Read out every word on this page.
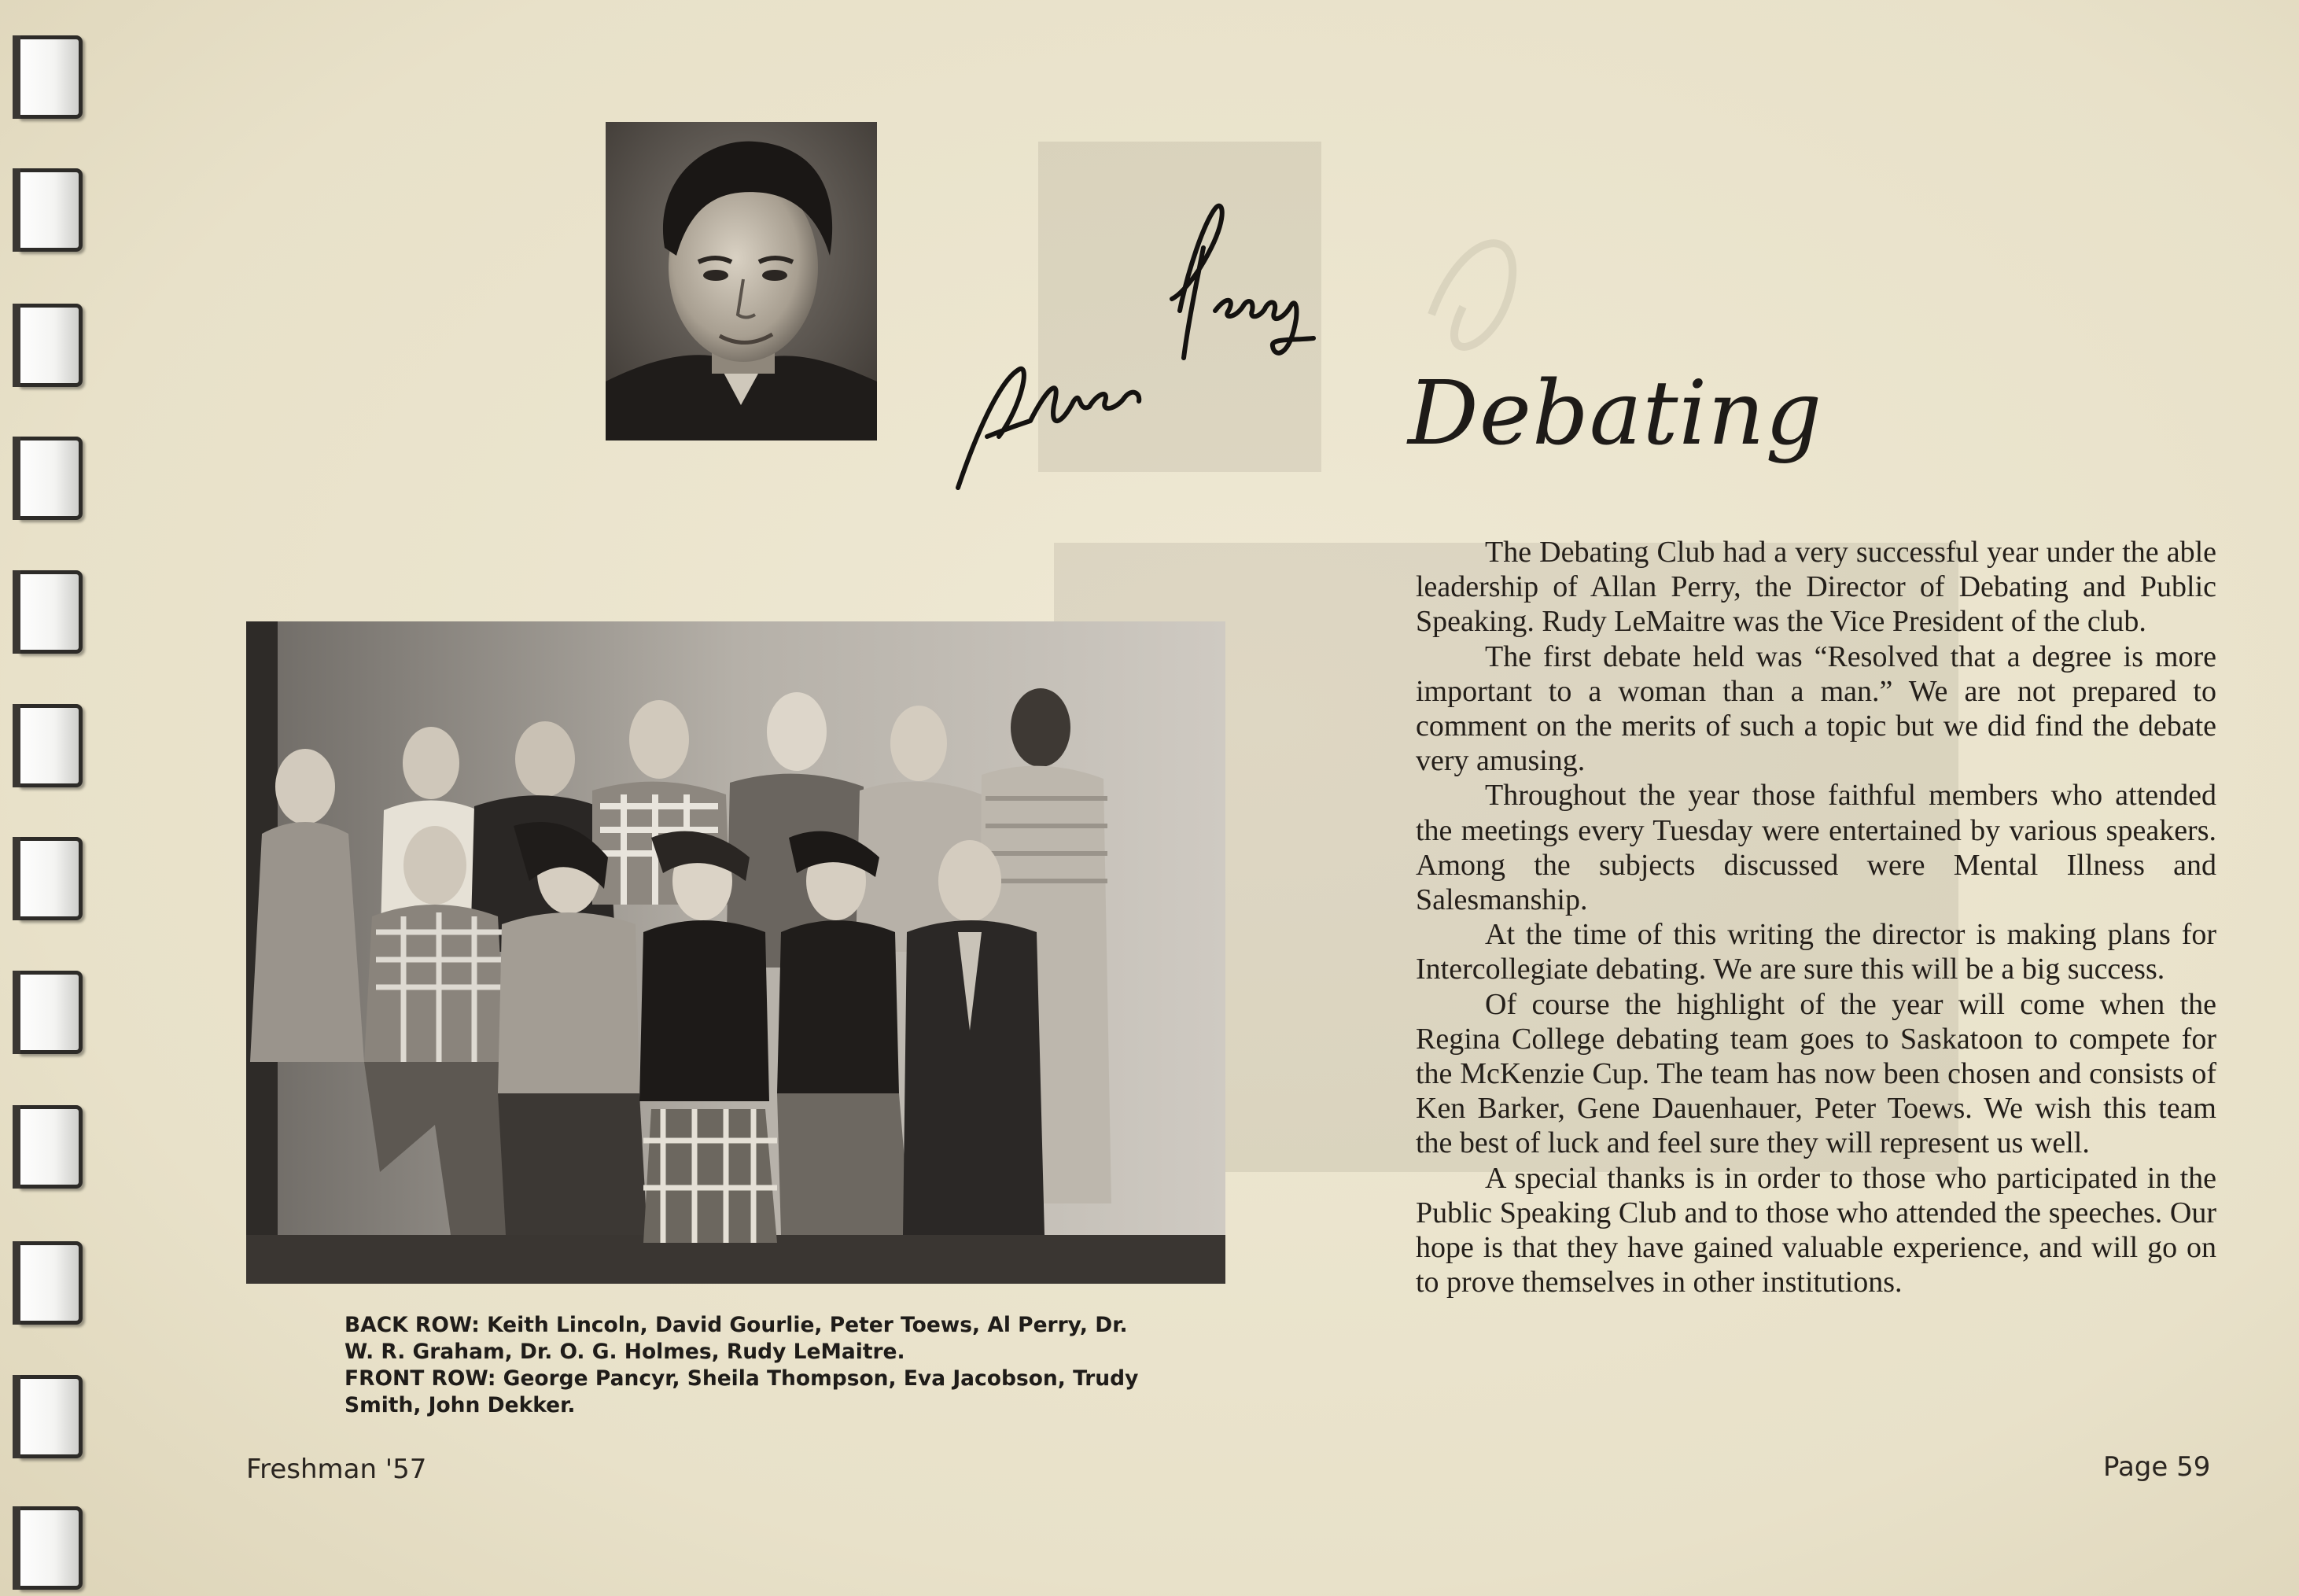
Debating

BACK ROW: Keith Lincoln, David Gourlie, Peter Toews, Al Perry, Dr. W. R. Graham, Dr. O. G. Holmes, Rudy LeMaitre.

FRONT ROW: George Pancyr, Sheila Thompson, Eva Jacobson, Trudy Smith, John Dekker.

The Debating Club had a very successful year under the able leadership of Allan Perry, the Director of Debating and Public Speaking. Rudy LeMaitre was the Vice President of the club.

The first debate held was “Resolved that a degree is more important to a woman than a man.” We are not prepared to comment on the merits of such a topic but we did find the debate very amusing.

Throughout the year those faithful members who attended the meetings every Tuesday were entertained by various speakers. Among the subjects discussed were Mental Illness and Salesmanship.

At the time of this writing the director is making plans for Intercollegiate debating. We are sure this will be a big success.

Of course the highlight of the year will come when the Regina College debating team goes to Saskatoon to compete for the McKenzie Cup. The team has now been chosen and consists of Ken Barker, Gene Dauenhauer, Peter Toews. We wish this team the best of luck and feel sure they will represent us well.

A special thanks is in order to those who participated in the Public Speaking Club and to those who attended the speeches. Our hope is that they have gained valuable experience, and will go on to prove themselves in other institutions.

Freshman '57	Page 59
